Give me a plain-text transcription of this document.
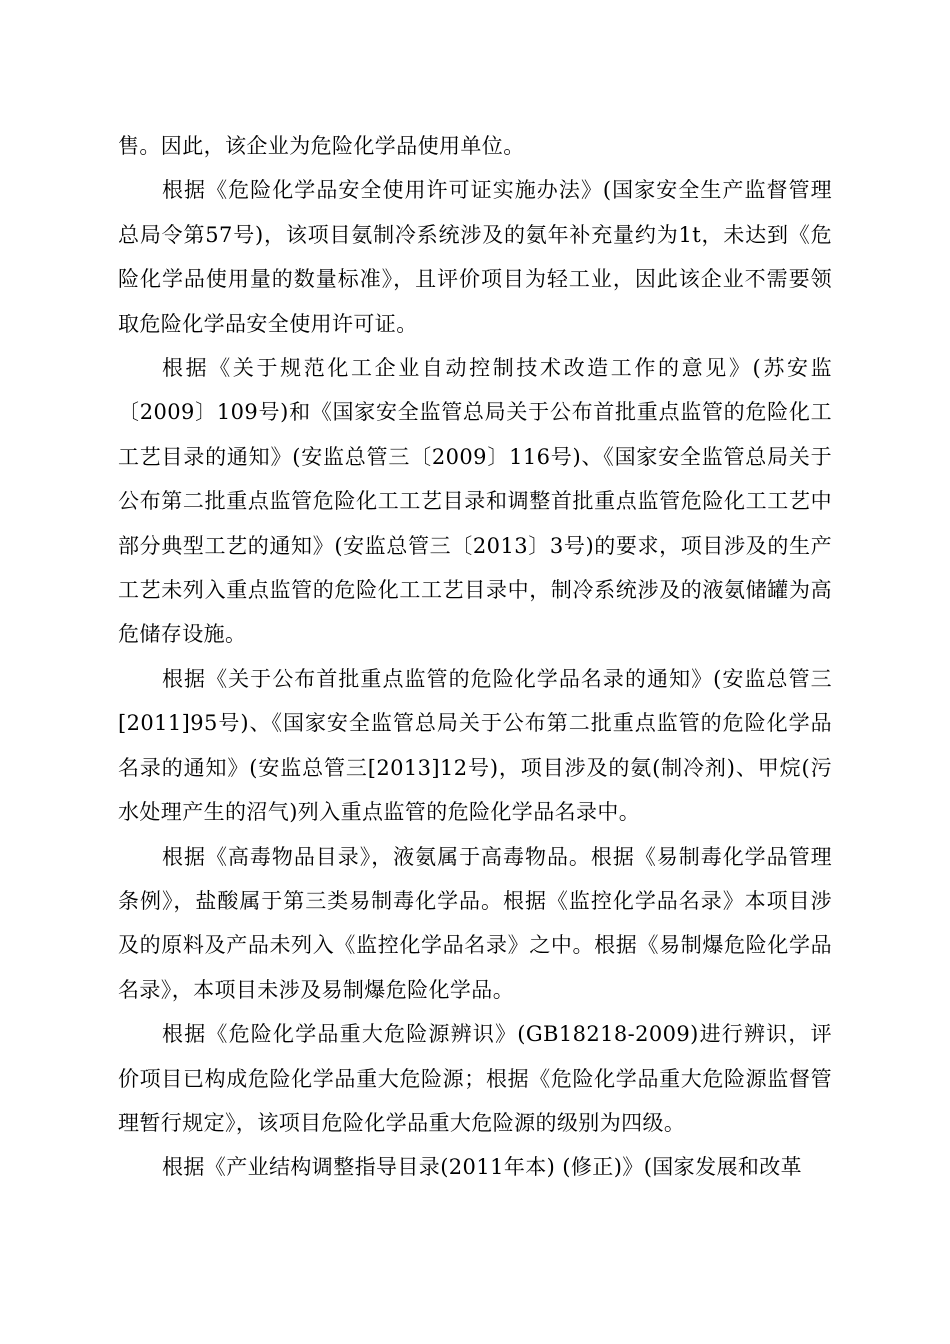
售。因此，该企业为危险化学品使用单位。

根据《危险化学品安全使用许可证实施办法》(国家安全生产监督管理总局令第57号)，该项目氨制冷系统涉及的氨年补充量约为1t，未达到《危险化学品使用量的数量标准》，且评价项目为轻工业，因此该企业不需要领取危险化学品安全使用许可证。

根据《关于规范化工企业自动控制技术改造工作的意见》(苏安监〔2009〕109号)和《国家安全监管总局关于公布首批重点监管的危险化工工艺目录的通知》(安监总管三〔2009〕116号)、《国家安全监管总局关于公布第二批重点监管危险化工工艺目录和调整首批重点监管危险化工工艺中部分典型工艺的通知》(安监总管三〔2013〕3号)的要求，项目涉及的生产工艺未列入重点监管的危险化工工艺目录中，制冷系统涉及的液氨储罐为高危储存设施。

根据《关于公布首批重点监管的危险化学品名录的通知》(安监总管三[2011]95号)、《国家安全监管总局关于公布第二批重点监管的危险化学品名录的通知》(安监总管三[2013]12号)，项目涉及的氨(制冷剂)、甲烷(污水处理产生的沼气)列入重点监管的危险化学品名录中。

根据《高毒物品目录》，液氨属于高毒物品。根据《易制毒化学品管理条例》，盐酸属于第三类易制毒化学品。根据《监控化学品名录》本项目涉及的原料及产品未列入《监控化学品名录》之中。根据《易制爆危险化学品名录》，本项目未涉及易制爆危险化学品。

根据《危险化学品重大危险源辨识》(GB18218-2009)进行辨识，评价项目已构成危险化学品重大危险源；根据《危险化学品重大危险源监督管理暂行规定》，该项目危险化学品重大危险源的级别为四级。

根据《产业结构调整指导目录(2011年本) (修正)》(国家发展和改革
